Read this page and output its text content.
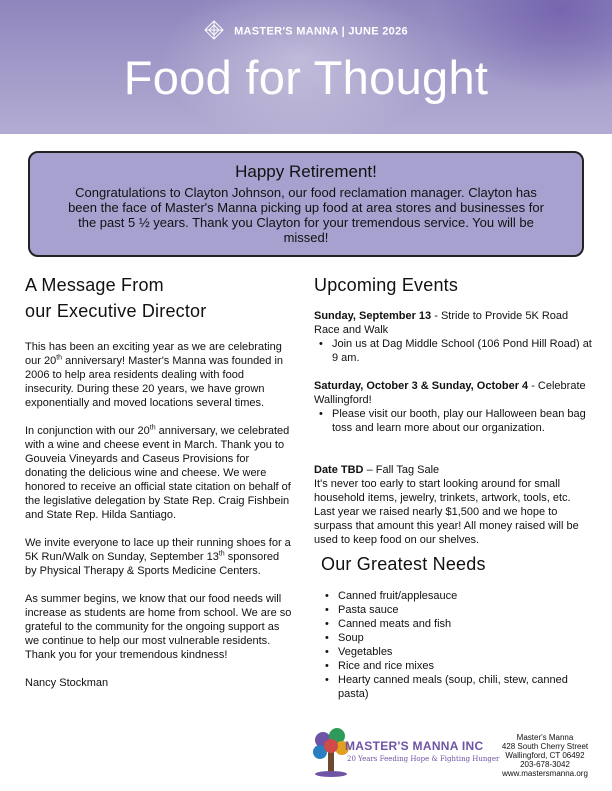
MASTER'S MANNA | JUNE 2026
Food for Thought
Happy Retirement!

Congratulations to Clayton Johnson, our food reclamation manager. Clayton has been the face of Master's Manna picking up food at area stores and businesses for the past 5 ½ years. Thank you Clayton for your tremendous service. You will be missed!

A Message From
our Executive Director

This has been an exciting year as we are celebrating our 20th anniversary! Master's Manna was founded in 2006 to help area residents dealing with food insecurity. During these 20 years, we have grown exponentially and moved locations several times.

In conjunction with our 20th anniversary, we celebrated with a wine and cheese event in March. Thank you to Gouveia Vineyards and Caseus Provisions for donating the delicious wine and cheese. We were honored to receive an official state citation on behalf of the legislative delegation by State Rep. Craig Fishbein and State Rep. Hilda Santiago.

We invite everyone to lace up their running shoes for a 5K Run/Walk on Sunday, September 13th sponsored by Physical Therapy & Sports Medicine Centers.

As summer begins, we know that our food needs will increase as students are home from school. We are so grateful to the community for the ongoing support as we continue to help our most vulnerable residents. Thank you for your tremendous kindness!

Nancy Stockman

Upcoming Events

Sunday, September 13 - Stride to Provide 5K Road Race and Walk

• Join us at Dag Middle School (106 Pond Hill Road) at 9 am.

Saturday, October 3 & Sunday, October 4 - Celebrate Wallingford!

• Please visit our booth, play our Halloween bean bag toss and learn more about our organization.

Date TBD – Fall Tag Sale

It's never too early to start looking around for small household items, jewelry, trinkets, artwork, tools, etc. Last year we raised nearly $1,500 and we hope to surpass that amount this year! All money raised will be used to keep food on our shelves.

Our Greatest Needs
• Canned fruit/applesauce
• Pasta sauce
• Canned meats and fish
• Soup
• Vegetables
• Rice and rice mixes
• Hearty canned meals (soup, chili, stew, canned pasta)
MASTER'S MANNA INC
20 Years Feeding Hope & Fighting Hunger
Master's Manna
428 South Cherry Street
Wallingford, CT 06492
203-678-3042
www.mastersmanna.org
